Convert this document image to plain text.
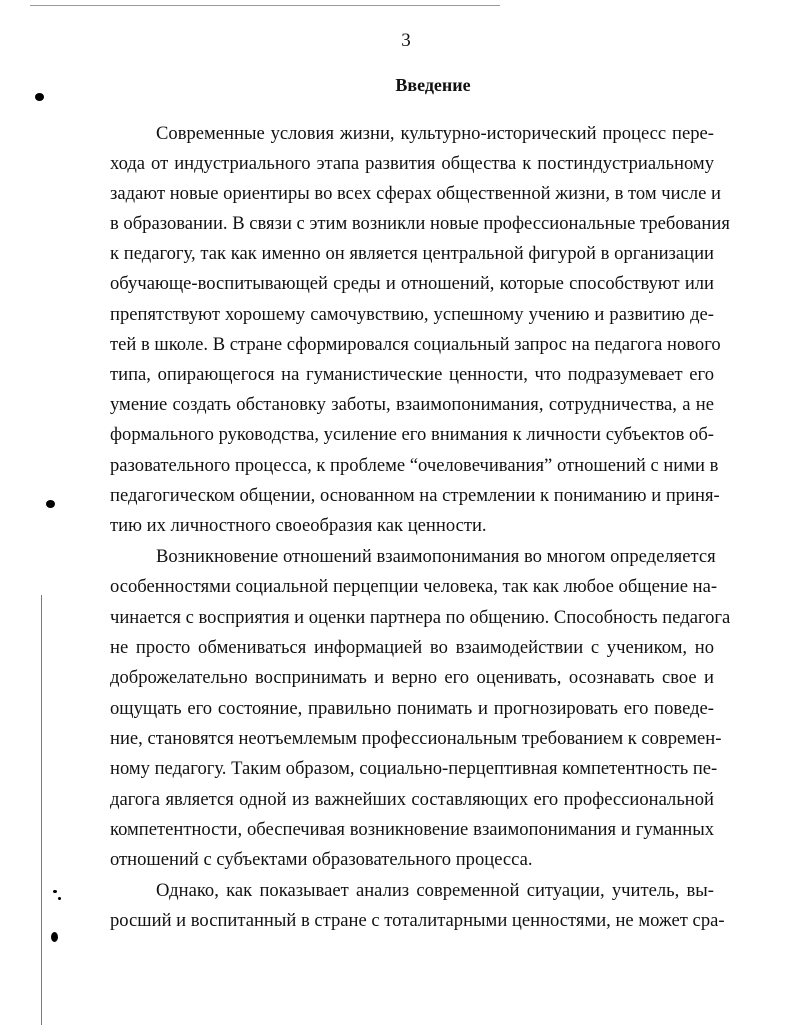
3
Введение
Современные условия жизни, культурно-исторический процесс пере-
хода от индустриального этапа развития общества к постиндустриальному
задают новые ориентиры во всех сферах общественной жизни, в том числе и
в образовании. В связи с этим возникли новые профессиональные требования
к педагогу, так как именно он является центральной фигурой в организации
обучающе-воспитывающей среды и отношений, которые способствуют или
препятствуют хорошему самочувствию, успешному учению и развитию де-
тей в школе. В стране сформировался социальный запрос на педагога нового
типа, опирающегося на гуманистические ценности, что подразумевает его
умение создать обстановку заботы, взаимопонимания, сотрудничества, а не
формального руководства, усиление его внимания к личности субъектов об-
разовательного процесса, к проблеме “очеловечивания” отношений с ними в
педагогическом общении, основанном на стремлении к пониманию и приня-
тию их личностного своеобразия как ценности.
Возникновение отношений взаимопонимания во многом определяется
особенностями социальной перцепции человека, так как любое общение на-
чинается с восприятия и оценки партнера по общению. Способность педагога
не просто обмениваться информацией во взаимодействии с учеником, но
доброжелательно воспринимать и верно его оценивать, осознавать свое и
ощущать его состояние, правильно понимать и прогнозировать его поведе-
ние, становятся неотъемлемым профессиональным требованием к современ-
ному педагогу. Таким образом, социально-перцептивная компетентность пе-
дагога является одной из важнейших составляющих его профессиональной
компетентности, обеспечивая возникновение взаимопонимания и гуманных
отношений с субъектами образовательного процесса.
Однако, как показывает анализ современной ситуации, учитель, вы-
росший и воспитанный в стране с тоталитарными ценностями, не может сра-
